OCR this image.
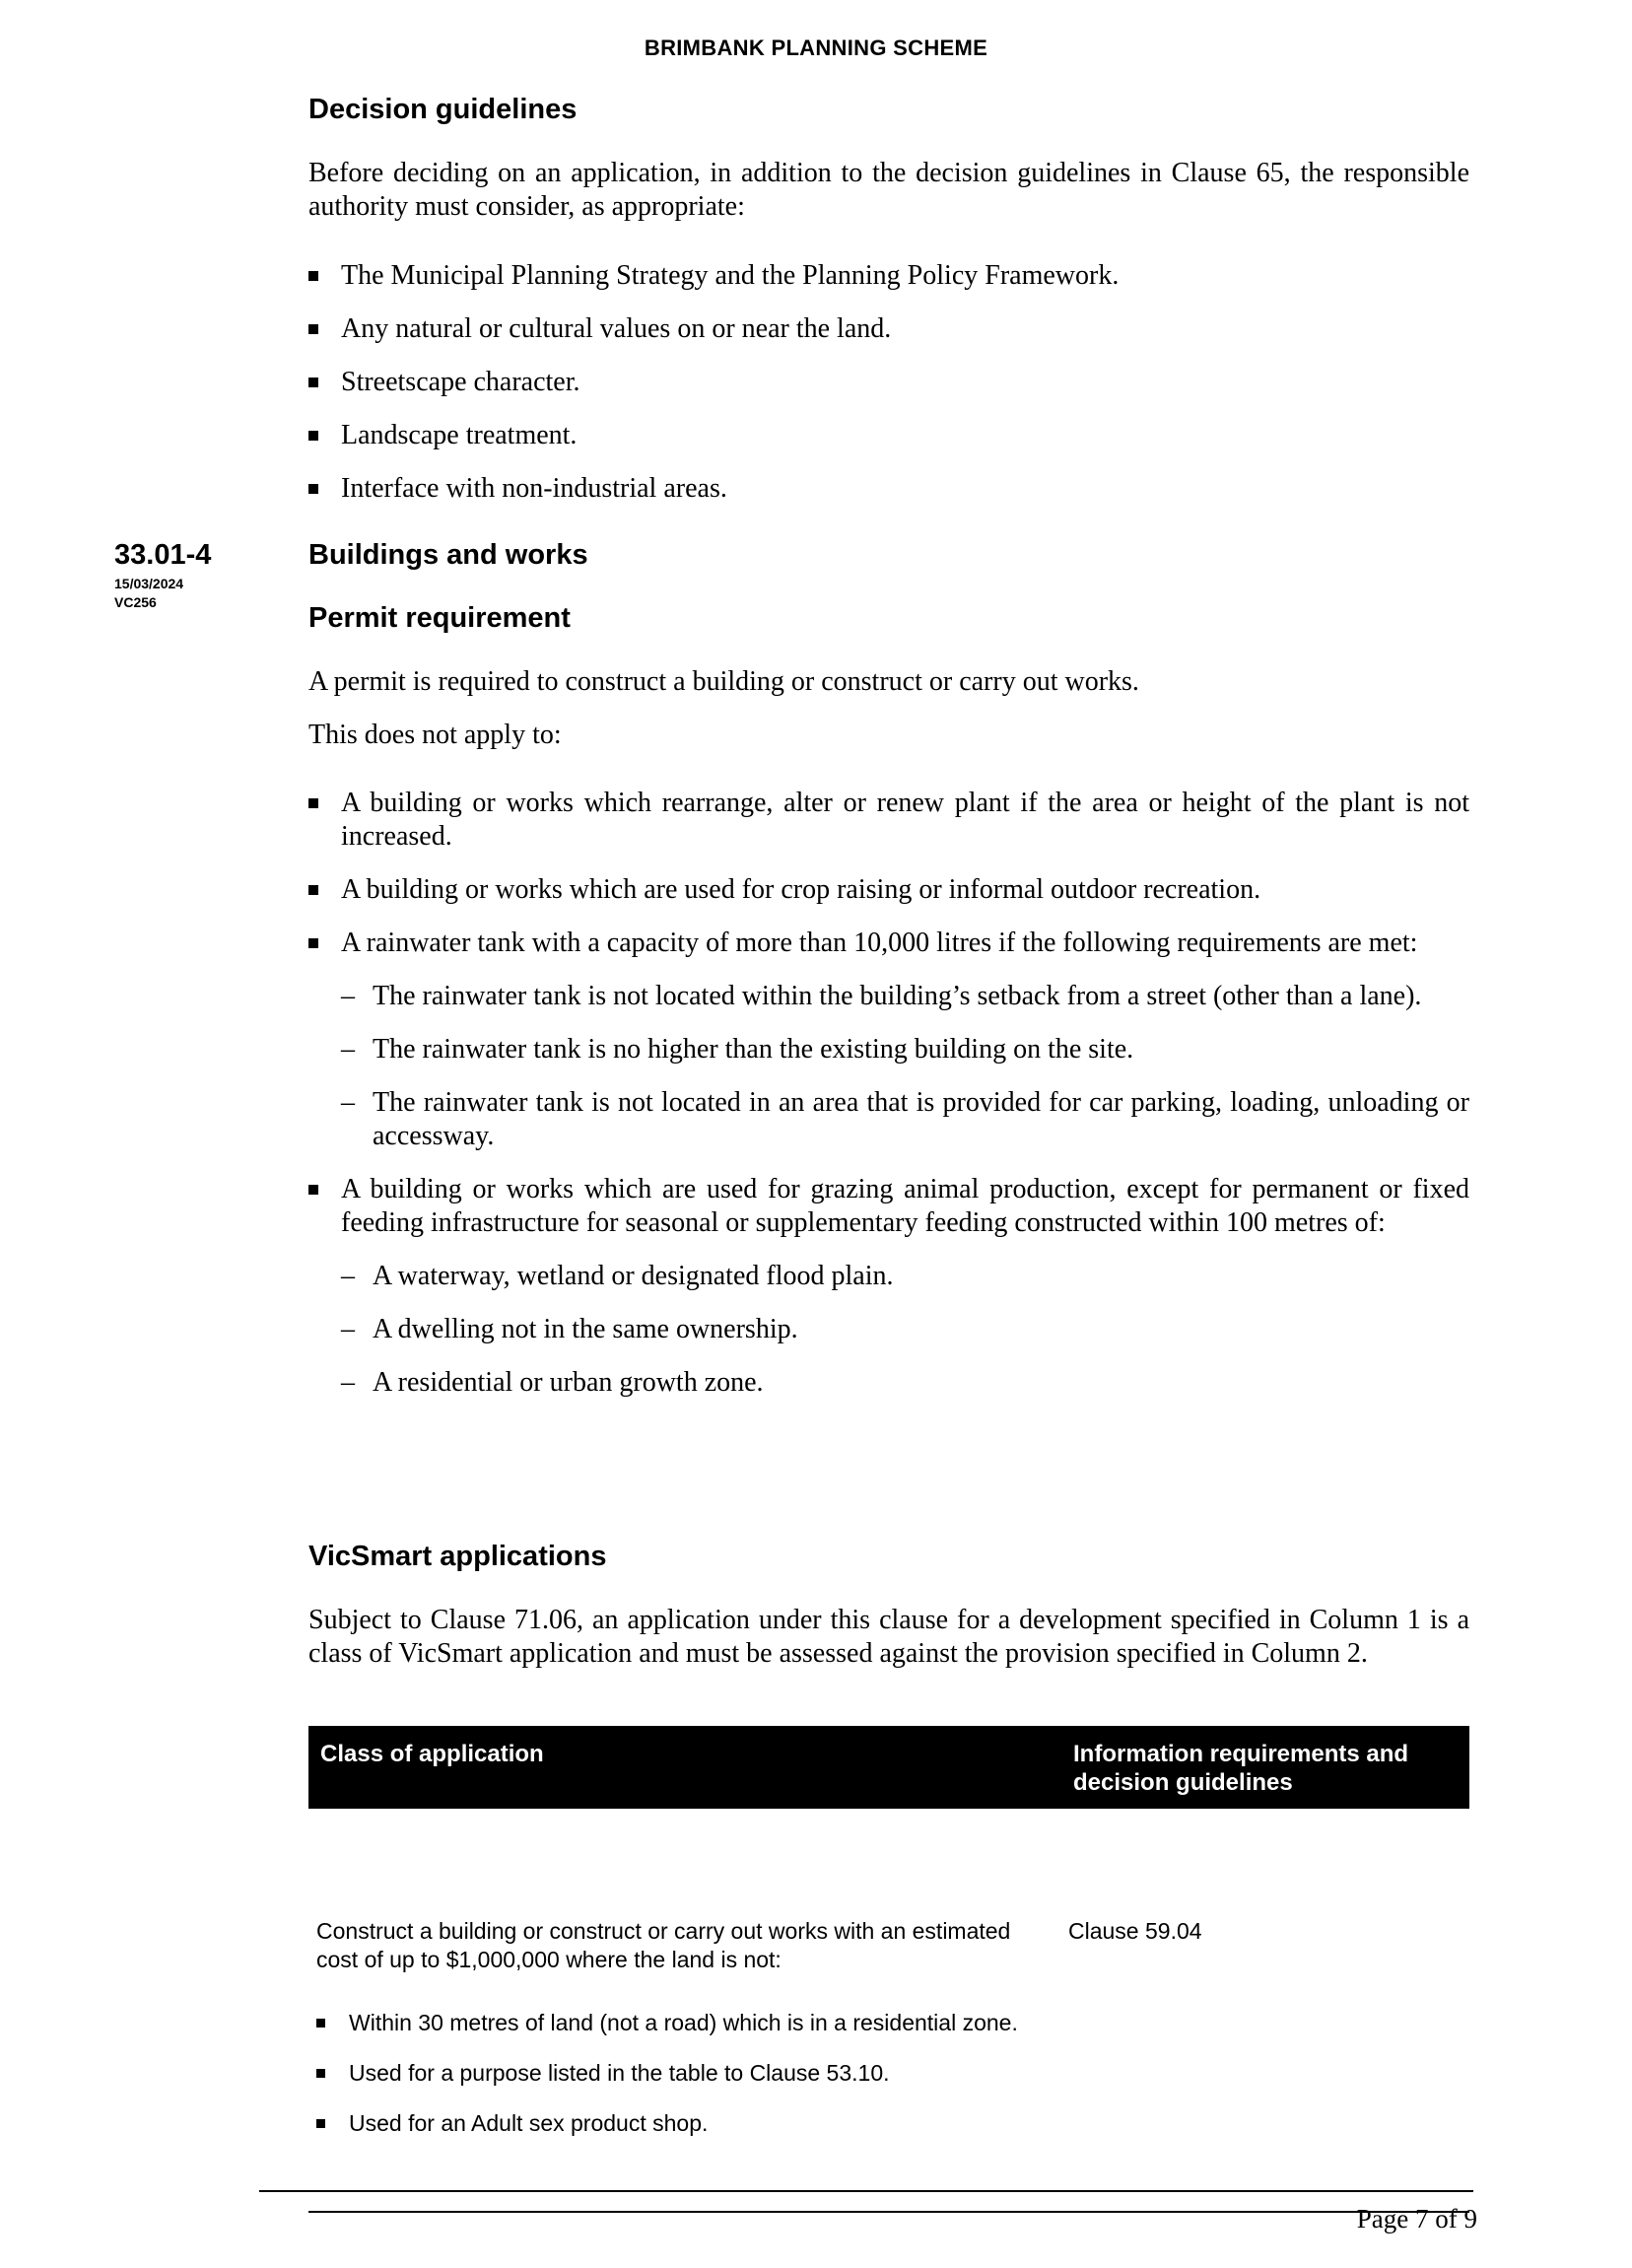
BRIMBANK PLANNING SCHEME
33.01-4
15/03/2024
VC256
Decision guidelines

Before deciding on an application, in addition to the decision guidelines in Clause 65, the responsible authority must consider, as appropriate:

The Municipal Planning Strategy and the Planning Policy Framework.
Any natural or cultural values on or near the land.
Streetscape character.
Landscape treatment.
Interface with non-industrial areas.
Buildings and works
Permit requirement

A permit is required to construct a building or construct or carry out works.

This does not apply to:

A building or works which rearrange, alter or renew plant if the area or height of the plant is not increased.
A building or works which are used for crop raising or informal outdoor recreation.
A rainwater tank with a capacity of more than 10,000 litres if the following requirements are met:
– The rainwater tank is not located within the building’s setback from a street (other than a lane).
– The rainwater tank is no higher than the existing building on the site.
– The rainwater tank is not located in an area that is provided for car parking, loading, unloading or accessway.
A building or works which are used for grazing animal production, except for permanent or fixed feeding infrastructure for seasonal or supplementary feeding constructed within 100 metres of:
– A waterway, wetland or designated flood plain.
– A dwelling not in the same ownership.
– A residential or urban growth zone.
VicSmart applications

Subject to Clause 71.06, an application under this clause for a development specified in Column 1 is a class of VicSmart application and must be assessed against the provision specified in Column 2.

Class of application	Information requirements and decision guidelines
Construct a building or construct or carry out works with an estimated cost of up to $1,000,000 where the land is not:
Clause 59.04
Within 30 metres of land (not a road) which is in a residential zone.
Used for a purpose listed in the table to Clause 53.10.
Used for an Adult sex product shop.
Page 7 of 9
